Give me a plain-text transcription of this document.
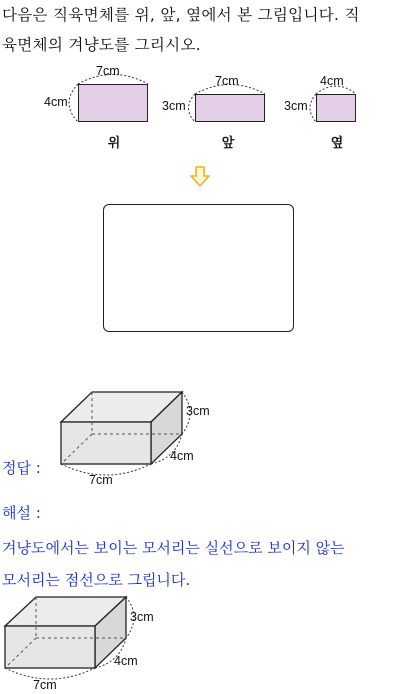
다음은 직육면체를 위, 앞, 옆에서 본 그림입니다. 직
육면체의 겨냥도를 그리시오.
7cm
4cm
위
7cm
3cm
앞
4cm
3cm
옆
정답 :
3cm
4cm
7cm
해설 :
겨냥도에서는 보이는 모서리는 실선으로 보이지 않는
모서리는 점선으로 그립니다.
3cm
4cm
7cm
